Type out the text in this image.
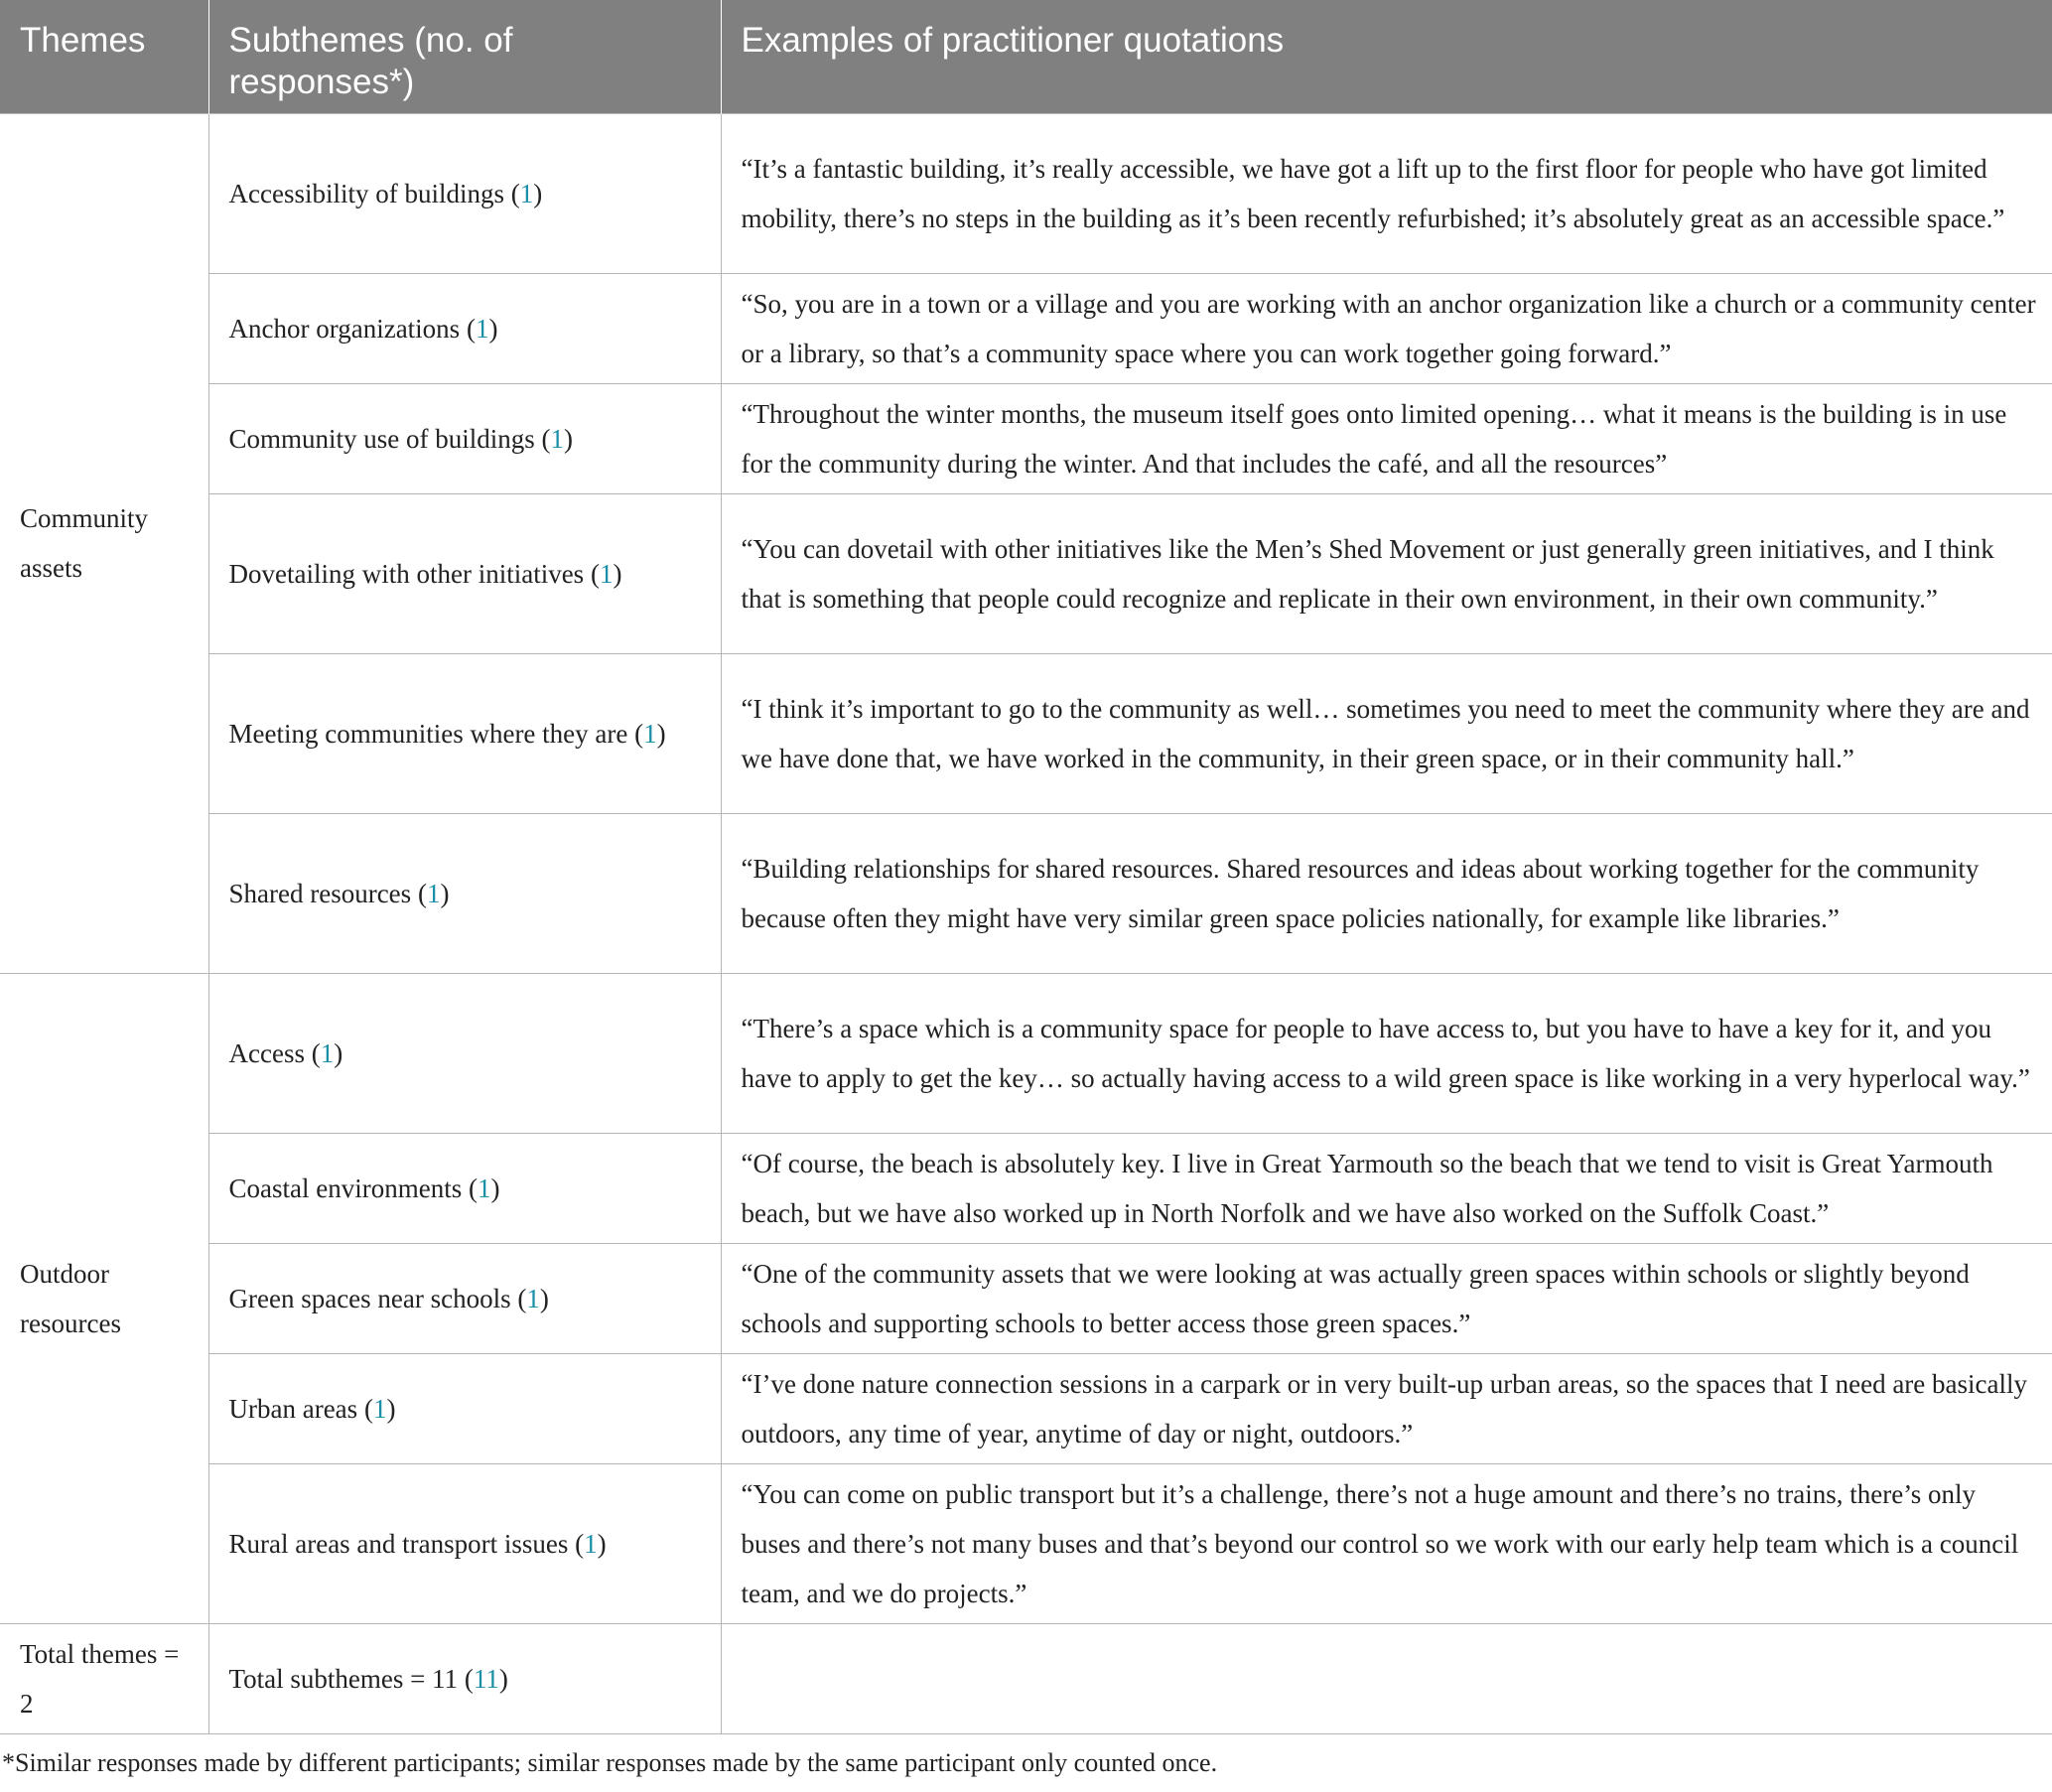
Themes	Subthemes (no. of responses*)	Examples of practitioner quotations
Community assets	Accessibility of buildings (1)	“It’s a fantastic building, it’s really accessible, we have got a lift up to the first floor for people who have got limited mobility, there’s no steps in the building as it’s been recently refurbished; it’s absolutely great as an accessible space.”
	Anchor organizations (1)	“So, you are in a town or a village and you are working with an anchor organization like a church or a community center or a library, so that’s a community space where you can work together going forward.”
	Community use of buildings (1)	“Throughout the winter months, the museum itself goes onto limited opening… what it means is the building is in use for the community during the winter. And that includes the café, and all the resources”
	Dovetailing with other initiatives (1)	“You can dovetail with other initiatives like the Men’s Shed Movement or just generally green initiatives, and I think that is something that people could recognize and replicate in their own environment, in their own community.”
	Meeting communities where they are (1)	“I think it’s important to go to the community as well… sometimes you need to meet the community where they are and we have done that, we have worked in the community, in their green space, or in their community hall.”
	Shared resources (1)	“Building relationships for shared resources. Shared resources and ideas about working together for the community because often they might have very similar green space policies nationally, for example like libraries.”
Outdoor resources	Access (1)	“There’s a space which is a community space for people to have access to, but you have to have a key for it, and you have to apply to get the key… so actually having access to a wild green space is like working in a very hyperlocal way.”
	Coastal environments (1)	“Of course, the beach is absolutely key. I live in Great Yarmouth so the beach that we tend to visit is Great Yarmouth beach, but we have also worked up in North Norfolk and we have also worked on the Suffolk Coast.”
	Green spaces near schools (1)	“One of the community assets that we were looking at was actually green spaces within schools or slightly beyond schools and supporting schools to better access those green spaces.”
	Urban areas (1)	“I’ve done nature connection sessions in a carpark or in very built-up urban areas, so the spaces that I need are basically outdoors, any time of year, anytime of day or night, outdoors.”
	Rural areas and transport issues (1)	“You can come on public transport but it’s a challenge, there’s not a huge amount and there’s no trains, there’s only buses and there’s not many buses and that’s beyond our control so we work with our early help team which is a council team, and we do projects.”
Total themes = 2	Total subthemes = 11 (11)	
*Similar responses made by different participants; similar responses made by the same participant only counted once.
